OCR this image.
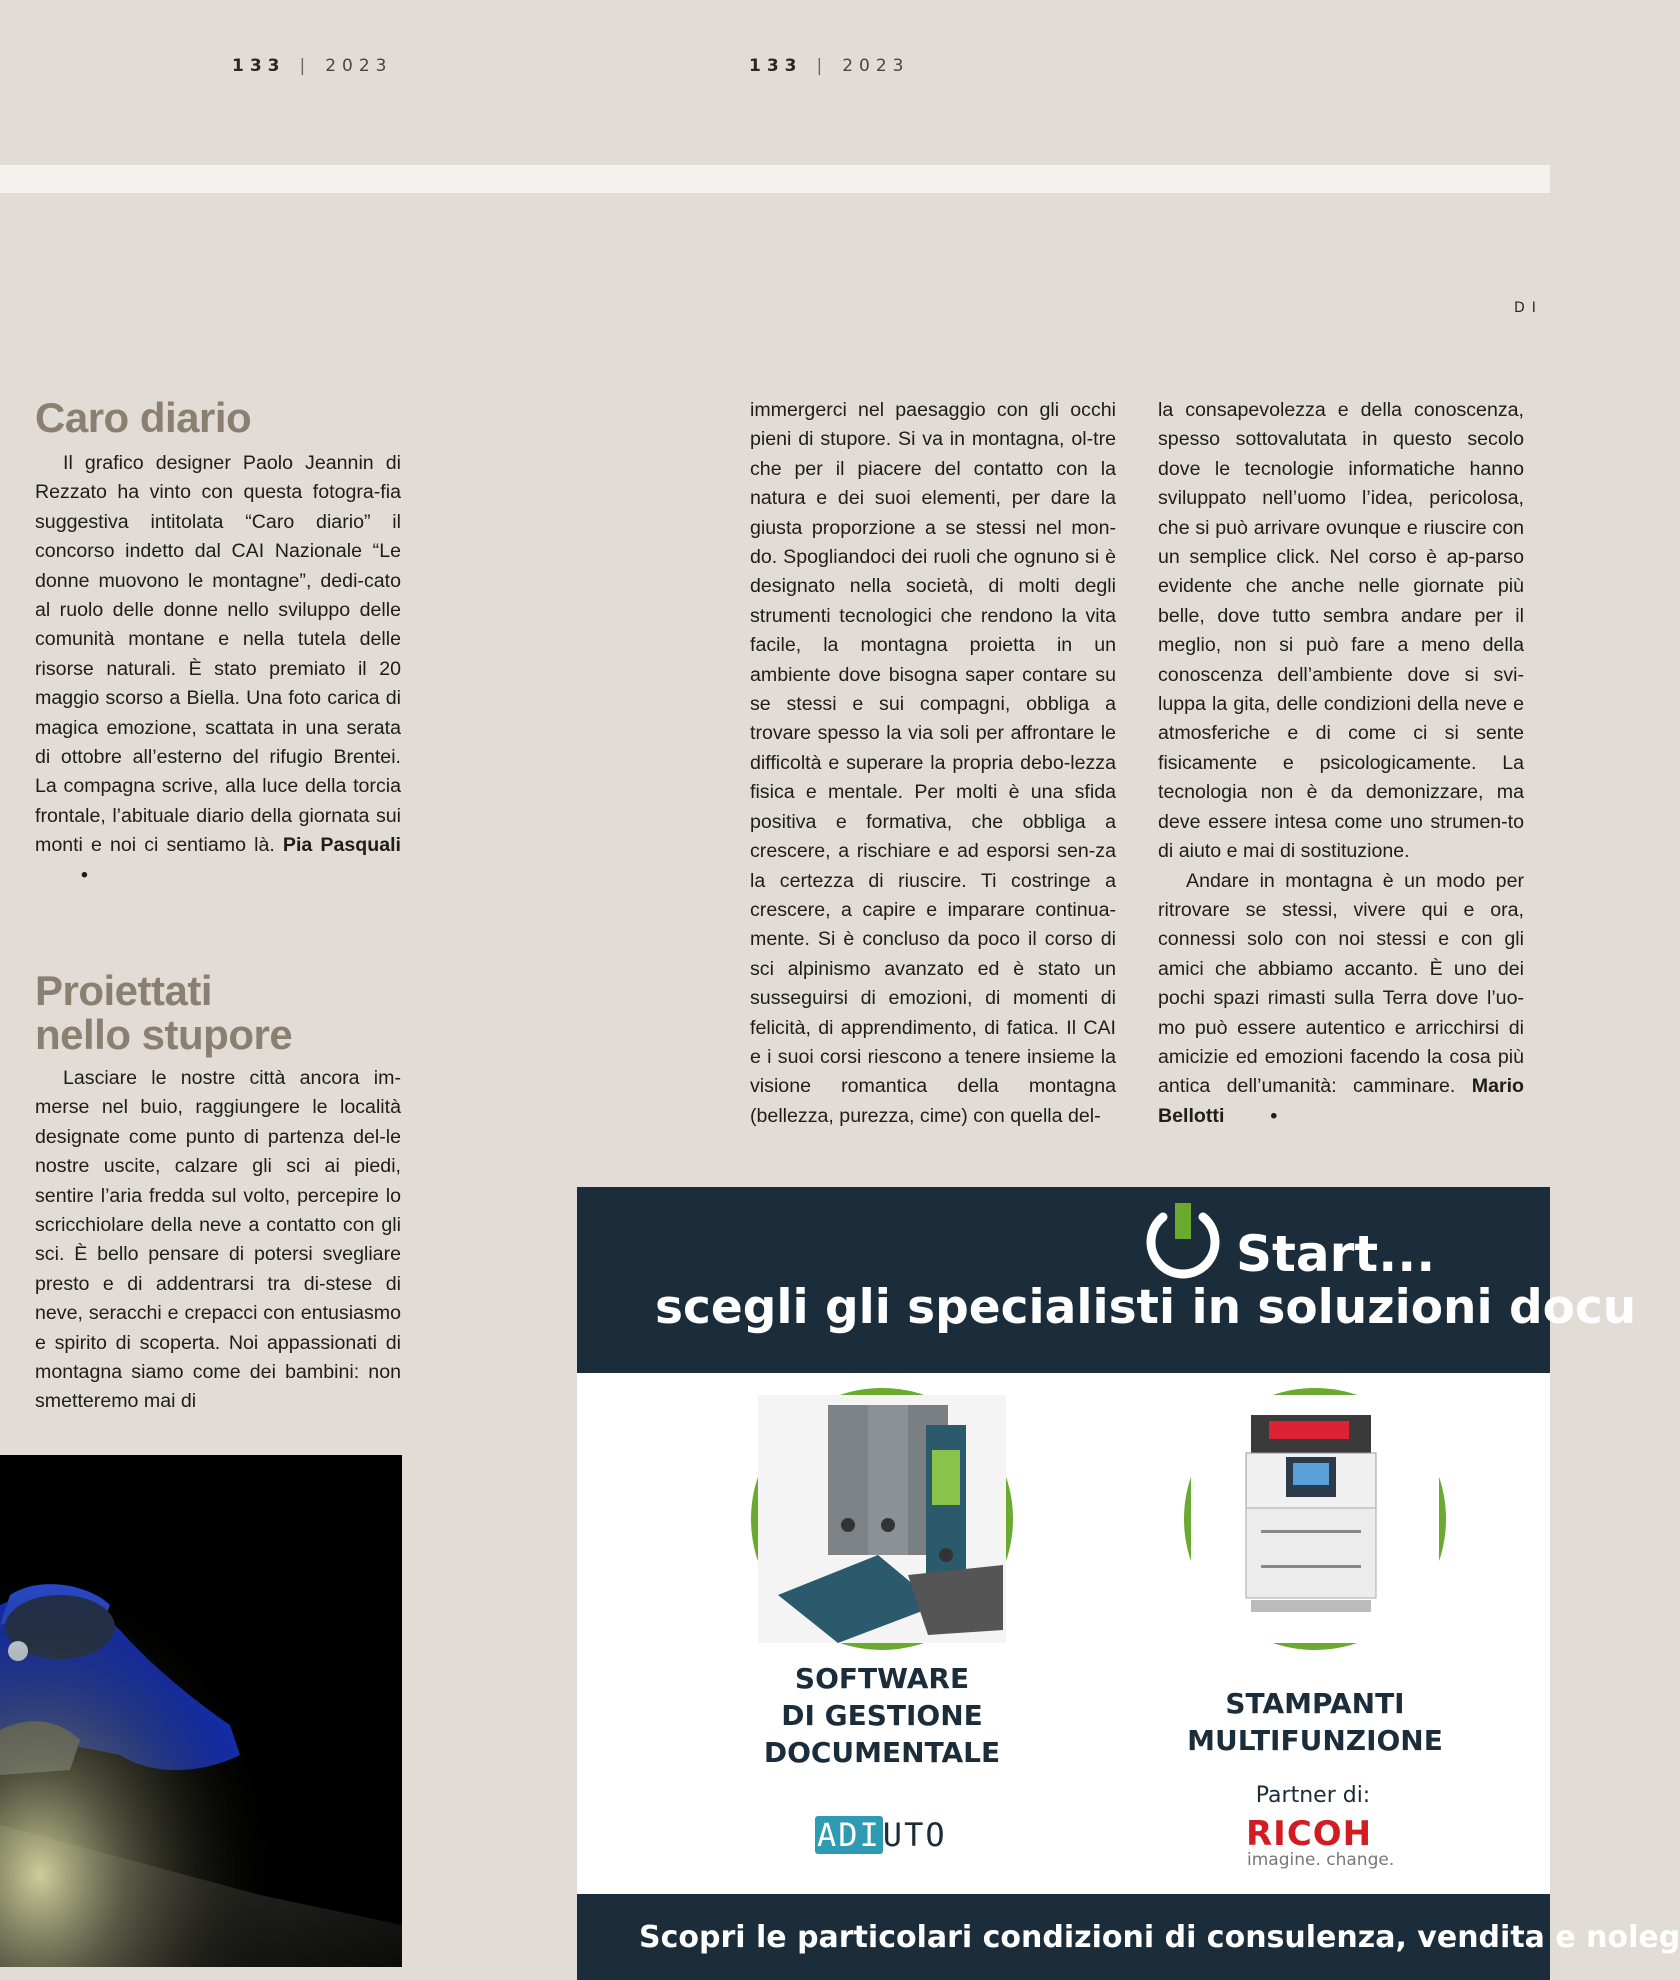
133 | 2023	133 | 2023
DI
Caro diario

Il grafico designer Paolo Jeannin di Rezzato ha vinto con questa fotogra-fia suggestiva intitolata “Caro diario” il concorso indetto dal CAI Nazionale “Le donne muovono le montagne”, dedi-cato al ruolo delle donne nello sviluppo delle comunità montane e nella tutela delle risorse naturali. È stato premiato il 20 maggio scorso a Biella. Una foto carica di magica emozione, scattata in una serata di ottobre all’esterno del rifugio Brentei. La compagna scrive, alla luce della torcia frontale, l’abituale diario della giornata sui monti e noi ci sentiamo là. Pia Pasquali•

Proiettati
nello stupore

Lasciare le nostre città ancora im-merse nel buio, raggiungere le località designate come punto di partenza del-le nostre uscite, calzare gli sci ai piedi, sentire l’aria fredda sul volto, percepire lo scricchiolare della neve a contatto con gli sci. È bello pensare di potersi svegliare presto e di addentrarsi tra di-stese di neve, seracchi e crepacci con entusiasmo e spirito di scoperta. Noi appassionati di montagna siamo come dei bambini: non smetteremo mai di

immergerci nel paesaggio con gli occhi pieni di stupore. Si va in montagna, ol-tre che per il piacere del contatto con la natura e dei suoi elementi, per dare la giusta proporzione a se stessi nel mon-do. Spogliandoci dei ruoli che ognuno si è designato nella società, di molti degli strumenti tecnologici che rendono la vita facile, la montagna proietta in un ambiente dove bisogna saper contare su se stessi e sui compagni, obbliga a trovare spesso la via soli per affrontare le difficoltà e superare la propria debo-lezza fisica e mentale. Per molti è una sfida positiva e formativa, che obbliga a crescere, a rischiare e ad esporsi sen-za la certezza di riuscire. Ti costringe a crescere, a capire e imparare continua-mente. Si è concluso da poco il corso di sci alpinismo avanzato ed è stato un susseguirsi di emozioni, di momenti di felicità, di apprendimento, di fatica. Il CAI e i suoi corsi riescono a tenere insieme la visione romantica della montagna (bellezza, purezza, cime) con quella del-

la consapevolezza e della conoscenza, spesso sottovalutata in questo secolo dove le tecnologie informatiche hanno sviluppato nell’uomo l’idea, pericolosa, che si può arrivare ovunque e riuscire con un semplice click. Nel corso è ap-parso evidente che anche nelle giornate più belle, dove tutto sembra andare per il meglio, non si può fare a meno della conoscenza dell’ambiente dove si svi-luppa la gita, delle condizioni della neve e atmosferiche e di come ci si sente fisicamente e psicologicamente. La tecnologia non è da demonizzare, ma deve essere intesa come uno strumen-to di aiuto e mai di sostituzione.

Andare in montagna è un modo per ritrovare se stessi, vivere qui e ora, connessi solo con noi stessi e con gli amici che abbiamo accanto. È uno dei pochi spazi rimasti sulla Terra dove l’uo-mo può essere autentico e arricchirsi di amicizie ed emozioni facendo la cosa più antica dell’umanità: camminare. Mario Bellotti •

Start...
scegli gli specialisti in soluzioni docu
SOFTWARE
DI GESTIONE
DOCUMENTALE
ADIUTO
STAMPANTI
MULTIFUNZIONE
Partner di:
RICOH
imagine. change.
Scopri le particolari condizioni di consulenza, vendita e noleg
